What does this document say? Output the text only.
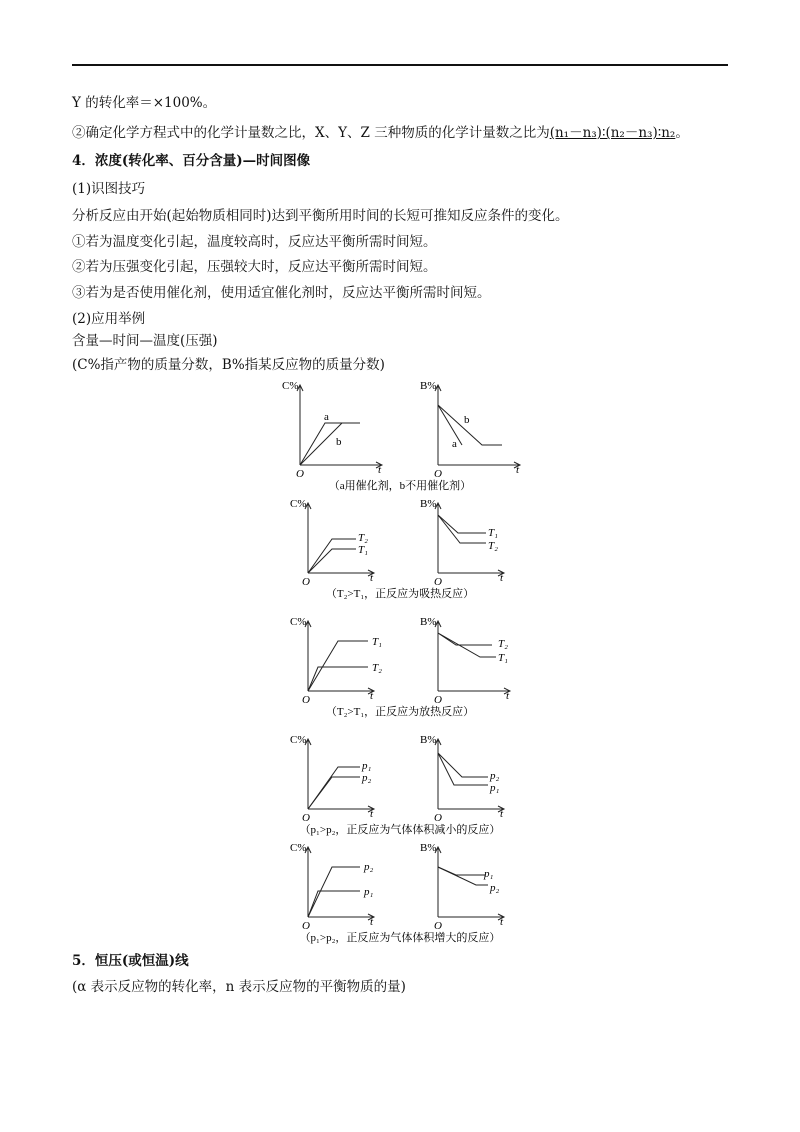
Y 的转化率＝×100%。
②确定化学方程式中的化学计量数之比，X、Y、Z 三种物质的化学计量数之比为(n₁－n₃)∶(n₂－n₃)∶n₂。
4．浓度(转化率、百分含量)—时间图像
(1)识图技巧
分析反应由开始(起始物质相同时)达到平衡所用时间的长短可推知反应条件的变化。
①若为温度变化引起，温度较高时，反应达平衡所需时间短。
②若为压强变化引起，压强较大时，反应达平衡所需时间短。
③若为是否使用催化剂，使用适宜催化剂时，反应达平衡所需时间短。
(2)应用举例
含量—时间—温度(压强)
(C%指产物的质量分数，B%指某反应物的质量分数)
C%
O	t
a
b
B%
O	t
b
a
（a用催化剂，b不用催化剂）
C%
O	t
T₂
T₁
B%
O	t
T₁
T₂
（T₂>T₁，正反应为吸热反应）
C%
O	t
T₁
T₂
B%
O	t
T₂
T₁
（T₂>T₁，正反应为放热反应）
C%
O	t
p₁
p₂
B%
O	t
p₂
p₁
（p₁>p₂，正反应为气体体积减小的反应）
C%
O	t
p₂
p₁
B%
O	t
p₁
p₂
（p₁>p₂，正反应为气体体积增大的反应）
5．恒压(或恒温)线
(α 表示反应物的转化率，n 表示反应物的平衡物质的量)
